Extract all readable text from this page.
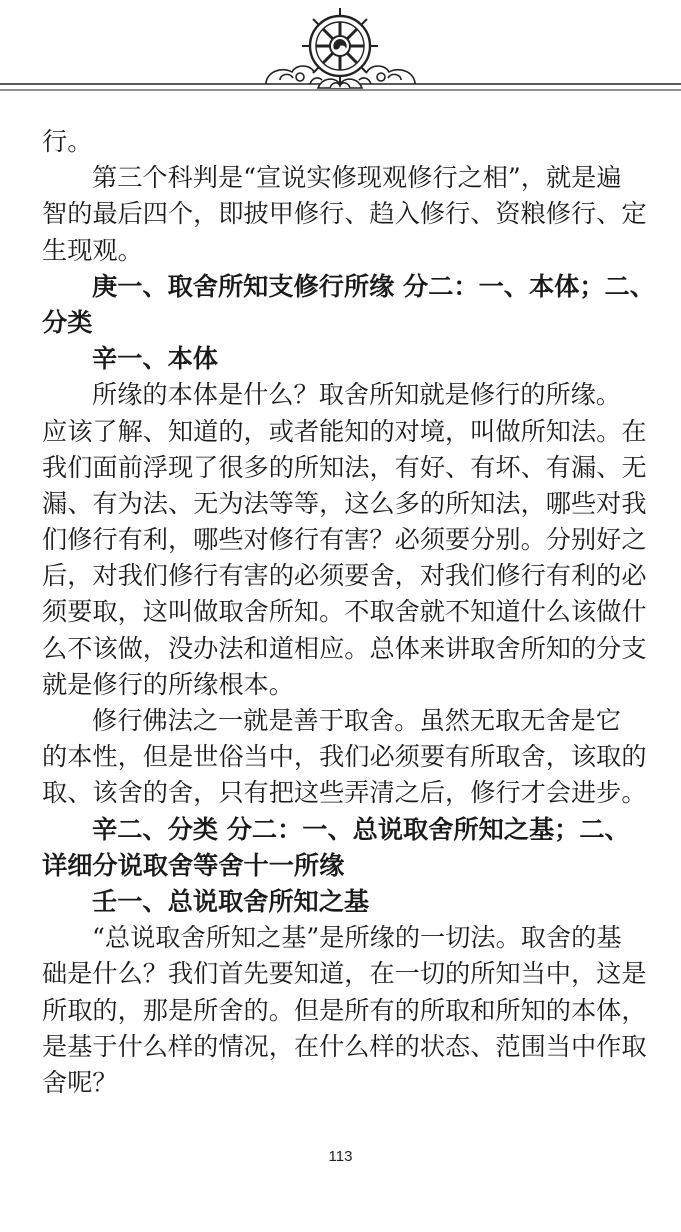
行。
第三个科判是“宣说实修现观修行之相”，就是遍
智的最后四个，即披甲修行、趋入修行、资粮修行、定
生现观。
庚一、取舍所知支修行所缘 分二：一、本体；二、
分类
辛一、本体
所缘的本体是什么？取舍所知就是修行的所缘。
应该了解、知道的，或者能知的对境，叫做所知法。在
我们面前浮现了很多的所知法，有好、有坏、有漏、无
漏、有为法、无为法等等，这么多的所知法，哪些对我
们修行有利，哪些对修行有害？必须要分别。分别好之
后，对我们修行有害的必须要舍，对我们修行有利的必
须要取，这叫做取舍所知。不取舍就不知道什么该做什
么不该做，没办法和道相应。总体来讲取舍所知的分支
就是修行的所缘根本。
修行佛法之一就是善于取舍。虽然无取无舍是它
的本性，但是世俗当中，我们必须要有所取舍，该取的
取、该舍的舍，只有把这些弄清之后，修行才会进步。
辛二、分类 分二：一、总说取舍所知之基；二、
详细分说取舍等舍十一所缘
壬一、总说取舍所知之基
“总说取舍所知之基”是所缘的一切法。取舍的基
础是什么？我们首先要知道，在一切的所知当中，这是
所取的，那是所舍的。但是所有的所取和所知的本体，
是基于什么样的情况，在什么样的状态、范围当中作取
舍呢？
113
